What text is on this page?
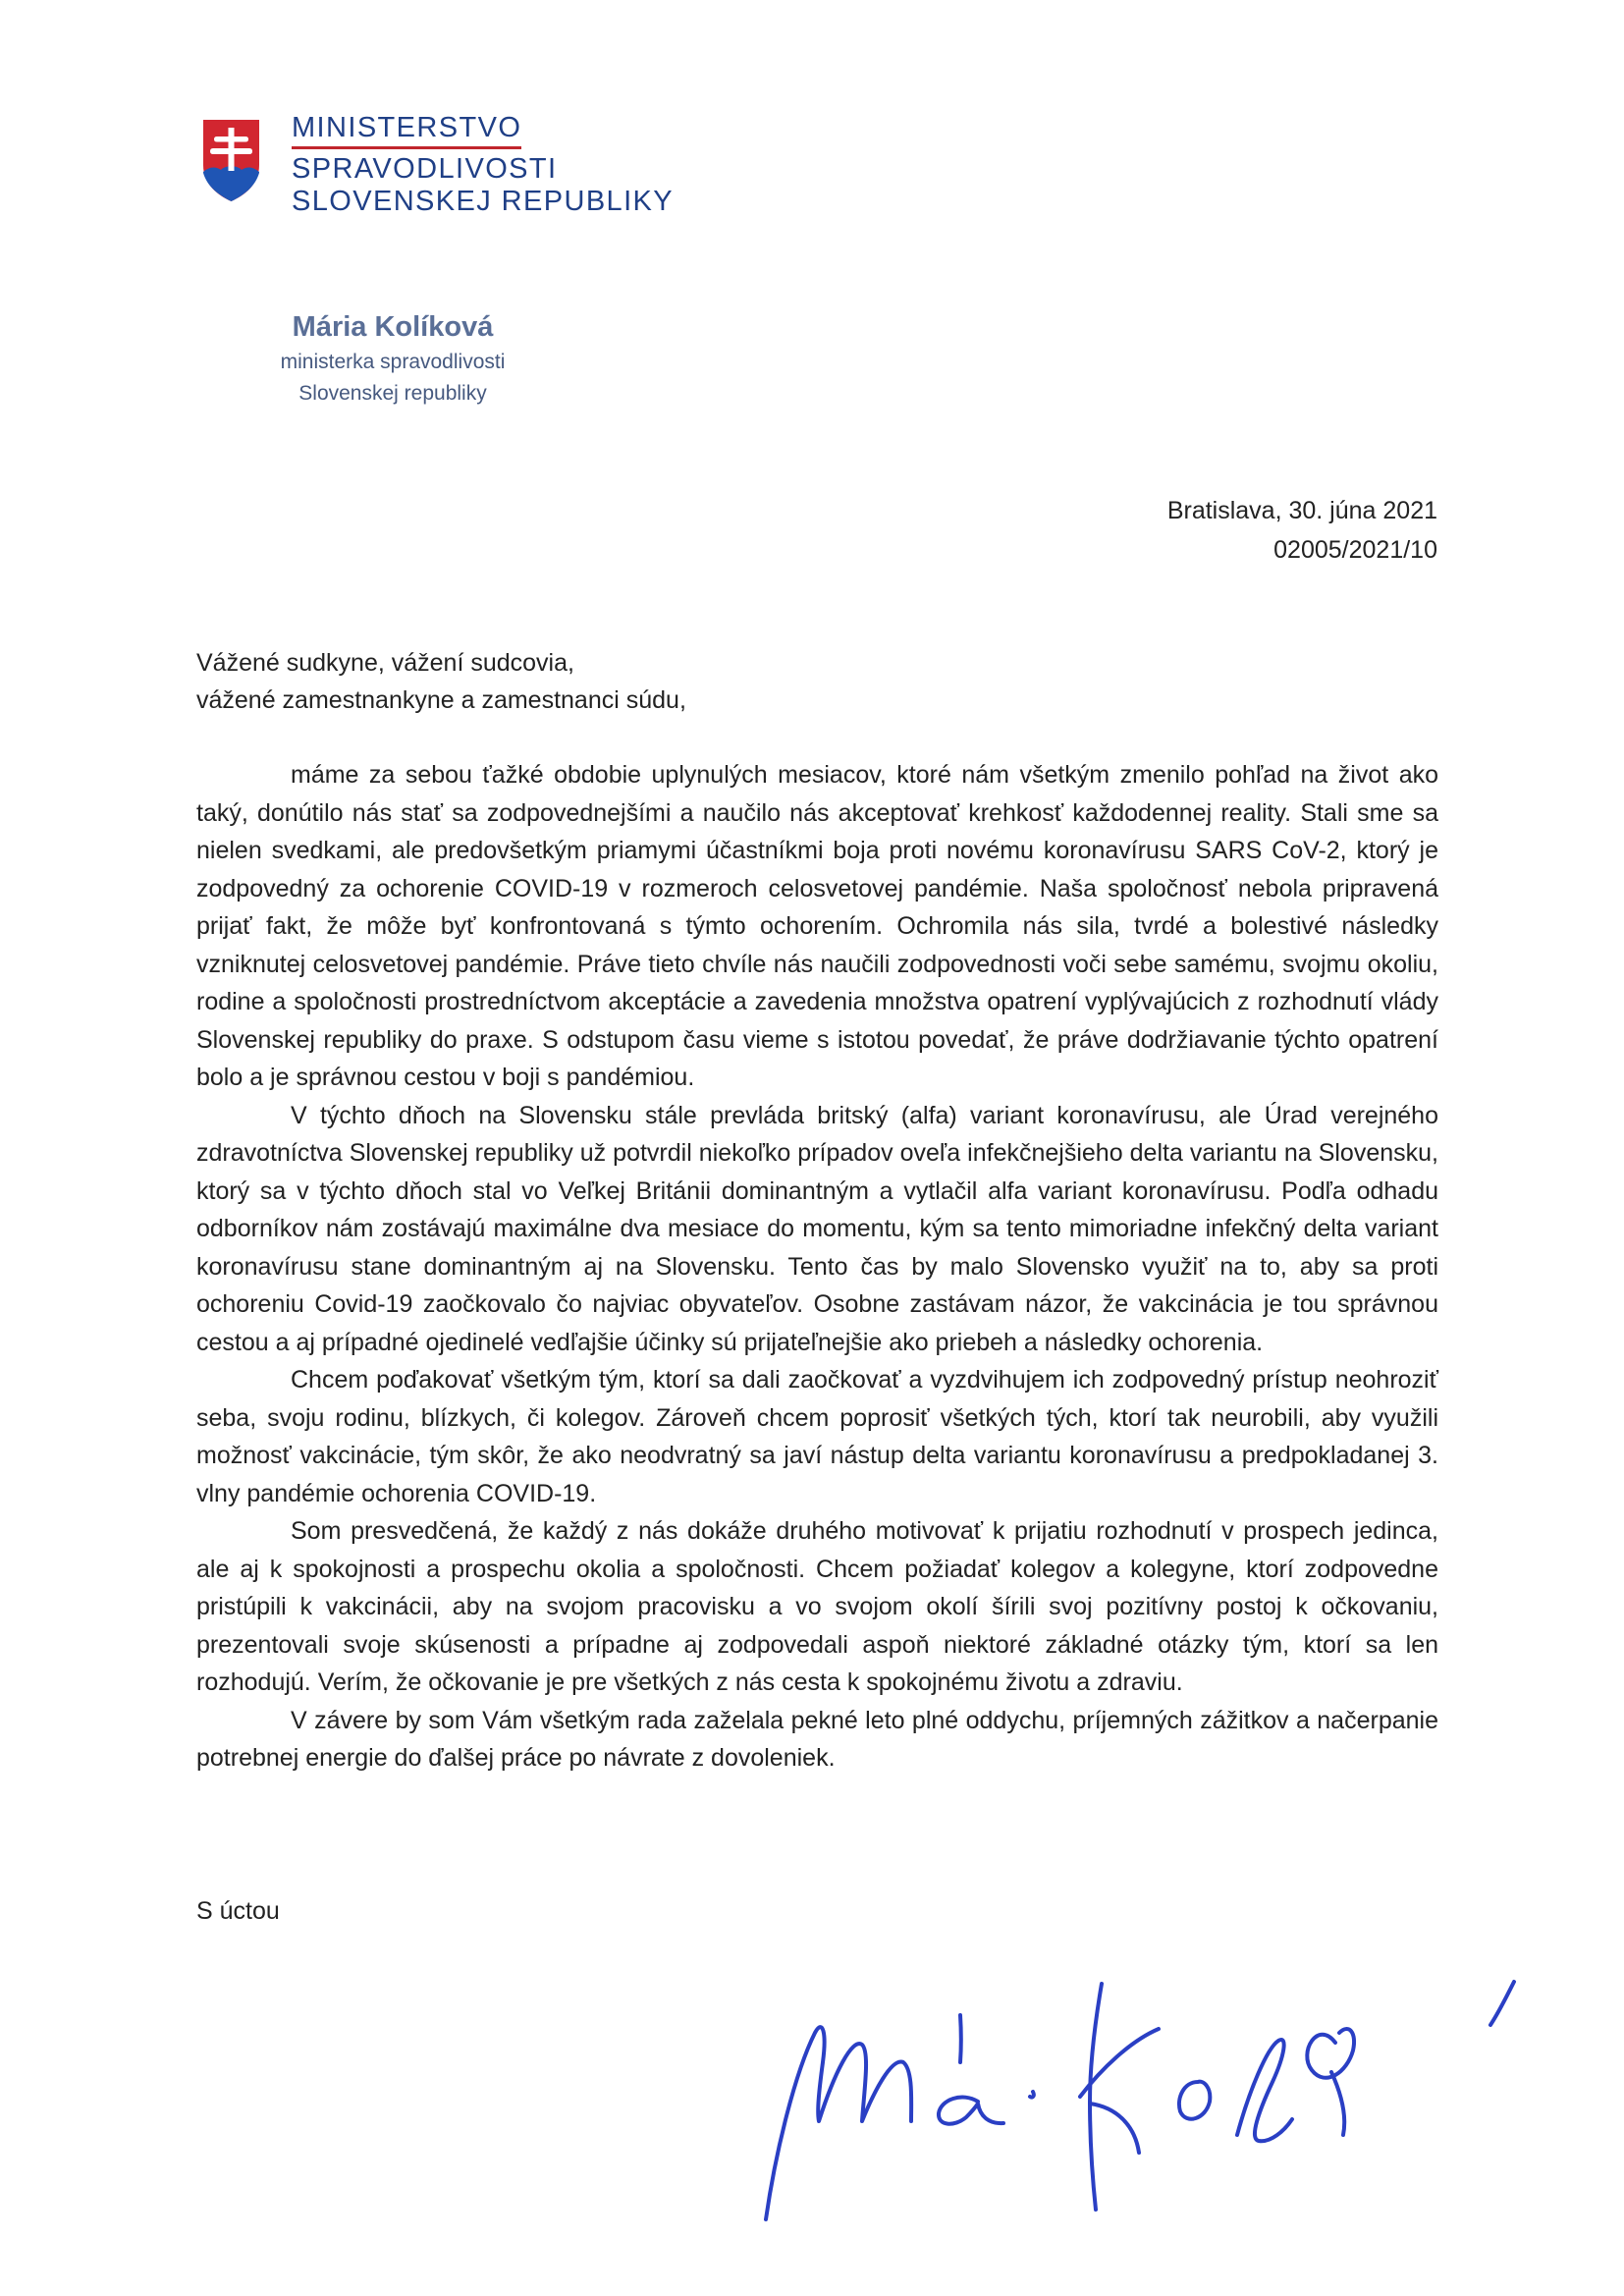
MINISTERSTVO
SPRAVODLIVOSTI
SLOVENSKEJ REPUBLIKY
Mária Kolíková
ministerka spravodlivosti
Slovenskej republiky
Bratislava, 30. júna 2021
02005/2021/10
Vážené sudkyne, vážení sudcovia,
vážené zamestnankyne a zamestnanci súdu,

máme za sebou ťažké obdobie uplynulých mesiacov, ktoré nám všetkým zmenilo pohľad na život ako taký, donútilo nás stať sa zodpovednejšími a naučilo nás akceptovať krehkosť každodennej reality. Stali sme sa nielen svedkami, ale predovšetkým priamymi účastníkmi boja proti novému koronavírusu SARS CoV-2, ktorý je zodpovedný za ochorenie COVID-19 v rozmeroch celosvetovej pandémie. Naša spoločnosť nebola pripravená prijať fakt, že môže byť konfrontovaná s týmto ochorením. Ochromila nás sila, tvrdé a bolestivé následky vzniknutej celosvetovej pandémie. Práve tieto chvíle nás naučili zodpovednosti voči sebe samému, svojmu okoliu, rodine a spoločnosti prostredníctvom akceptácie a zavedenia množstva opatrení vyplývajúcich z rozhodnutí vlády Slovenskej republiky do praxe. S odstupom času vieme s istotou povedať, že práve dodržiavanie týchto opatrení bolo a je správnou cestou v boji s pandémiou.

V týchto dňoch na Slovensku stále prevláda britský (alfa) variant koronavírusu, ale Úrad verejného zdravotníctva Slovenskej republiky už potvrdil niekoľko prípadov oveľa infekčnejšieho delta variantu na Slovensku, ktorý sa v týchto dňoch stal vo Veľkej Británii dominantným a vytlačil alfa variant koronavírusu. Podľa odhadu odborníkov nám zostávajú maximálne dva mesiace do momentu, kým sa tento mimoriadne infekčný delta variant koronavírusu stane dominantným aj na Slovensku. Tento čas by malo Slovensko využiť na to, aby sa proti ochoreniu Covid-19 zaočkovalo čo najviac obyvateľov. Osobne zastávam názor, že vakcinácia je tou správnou cestou a aj prípadné ojedinelé vedľajšie účinky sú prijateľnejšie ako priebeh a následky ochorenia.

Chcem poďakovať všetkým tým, ktorí sa dali zaočkovať a vyzdvihujem ich zodpovedný prístup neohroziť seba, svoju rodinu, blízkych, či kolegov. Zároveň chcem poprosiť všetkých tých, ktorí tak neurobili, aby využili možnosť vakcinácie, tým skôr, že ako neodvratný sa javí nástup delta variantu koronavírusu a predpokladanej 3. vlny pandémie ochorenia COVID-19.

Som presvedčená, že každý z nás dokáže druhého motivovať k prijatiu rozhodnutí v prospech jedinca, ale aj k spokojnosti a prospechu okolia a spoločnosti. Chcem požiadať kolegov a kolegyne, ktorí zodpovedne pristúpili k vakcinácii, aby na svojom pracovisku a vo svojom okolí šírili svoj pozitívny postoj k očkovaniu, prezentovali svoje skúsenosti a prípadne aj zodpovedali aspoň niektoré základné otázky tým, ktorí sa len rozhodujú. Verím, že očkovanie je pre všetkých z nás cesta k spokojnému životu a zdraviu.

V závere by som Vám všetkým rada zaželala pekné leto plné oddychu, príjemných zážitkov a načerpanie potrebnej energie do ďalšej práce po návrate z dovoleniek.

S úctou
